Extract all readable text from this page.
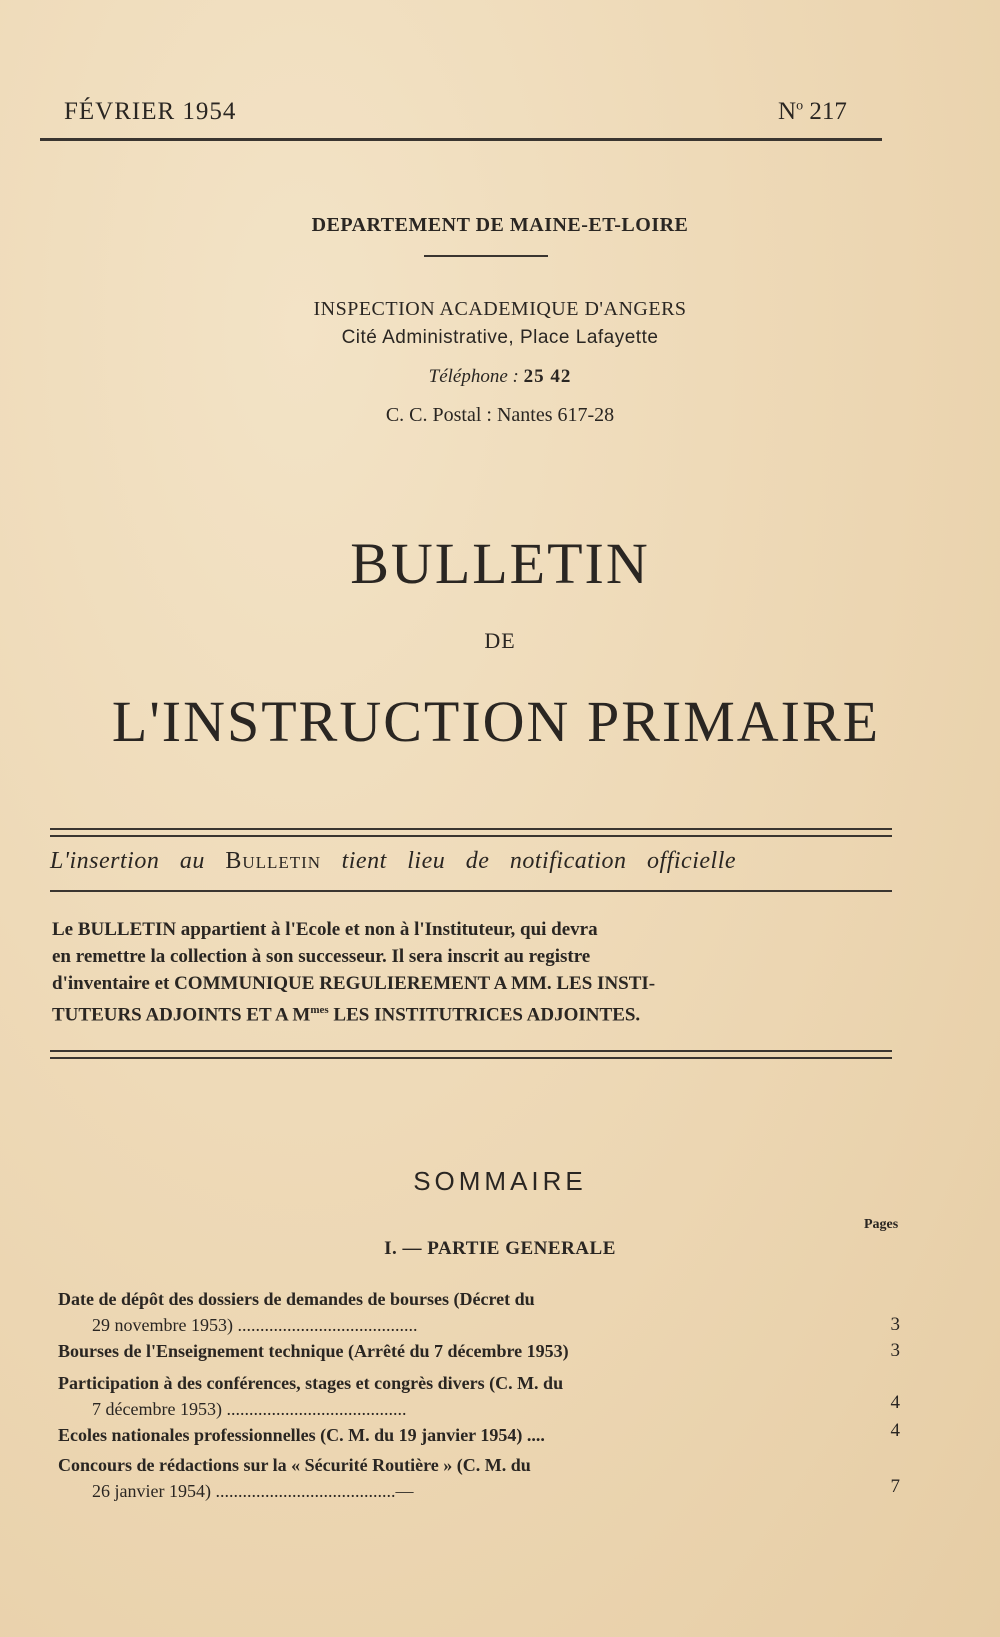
FÉVRIER 1954	$N^o$ 217
DEPARTEMENT DE MAINE-ET-LOIRE
INSPECTION ACADEMIQUE D'ANGERS
Cité Administrative, Place Lafayette
Téléphone : 25 42
C. C. Postal : Nantes 617-28
BULLETIN
DE
L'INSTRUCTION PRIMAIRE
L'insertion au Bulletin tient lieu de notification officielle
Le BULLETIN appartient à l'Ecole et non à l'Instituteur, qui devra
en remettre la collection à son successeur. Il sera inscrit au registre
d'inventaire et COMMUNIQUE REGULIEREMENT A MM. LES INSTI-
TUTEURS ADJOINTS ET A $M^{mes}$ LES INSTITUTRICES ADJOINTES.
SOMMAIRE
Pages
I. — PARTIE GENERALE
Date de dépôt des dossiers de demandes de bourses (Décret du
29 novembre 1953) ........................................	3
Bourses de l'Enseignement technique (Arrêté du 7 décembre 1953)	3
Participation à des conférences, stages et congrès divers (C. M. du
7 décembre 1953) ........................................	4
Ecoles nationales professionnelles (C. M. du 19 janvier 1954) ....	4
Concours de rédactions sur la « Sécurité Routière » (C. M. du
26 janvier 1954) ........................................—	7
